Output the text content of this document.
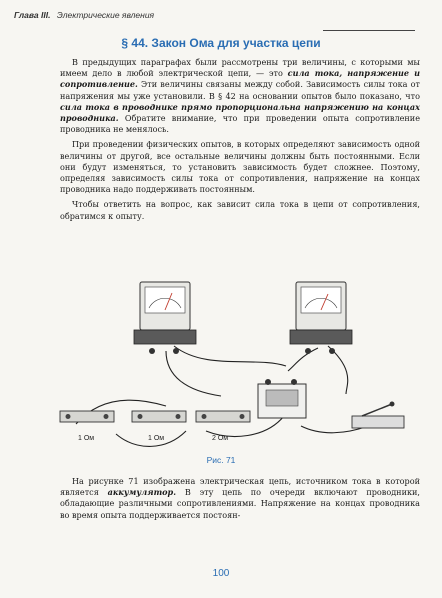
Глава III. Электрические явления
§ 44. Закон Ома для участка цепи

В предыдущих параграфах были рассмотрены три величины, с которыми мы имеем дело в любой электрической цепи, — это сила тока, напряжение и сопротивление. Эти величины связаны между собой. Зависимость силы тока от напряжения мы уже установили. В § 42 на основании опытов было показано, что сила тока в проводнике прямо пропорциональна напряжению на концах проводника. Обратите внимание, что при проведении опыта сопротивление проводника не менялось.

При проведении физических опытов, в которых определяют зависимость одной величины от другой, все остальные величины должны быть постоянными. Если они будут изменяться, то установить зависимость будет сложнее. Поэтому, определяя зависимость силы тока от сопротивления, напряжение на концах проводника надо поддерживать постоянным.

Чтобы ответить на вопрос, как зависит сила тока в цепи от сопротивления, обратимся к опыту.

1 Ом	1 Ом	2 Ом
Рис. 71

На рисунке 71 изображена электрическая цепь, источником тока в которой является аккумулятор. В эту цепь по очереди включают проводники, обладающие различными сопротивлениями. Напряжение на концах проводника во время опыта поддерживается постоян-

100
